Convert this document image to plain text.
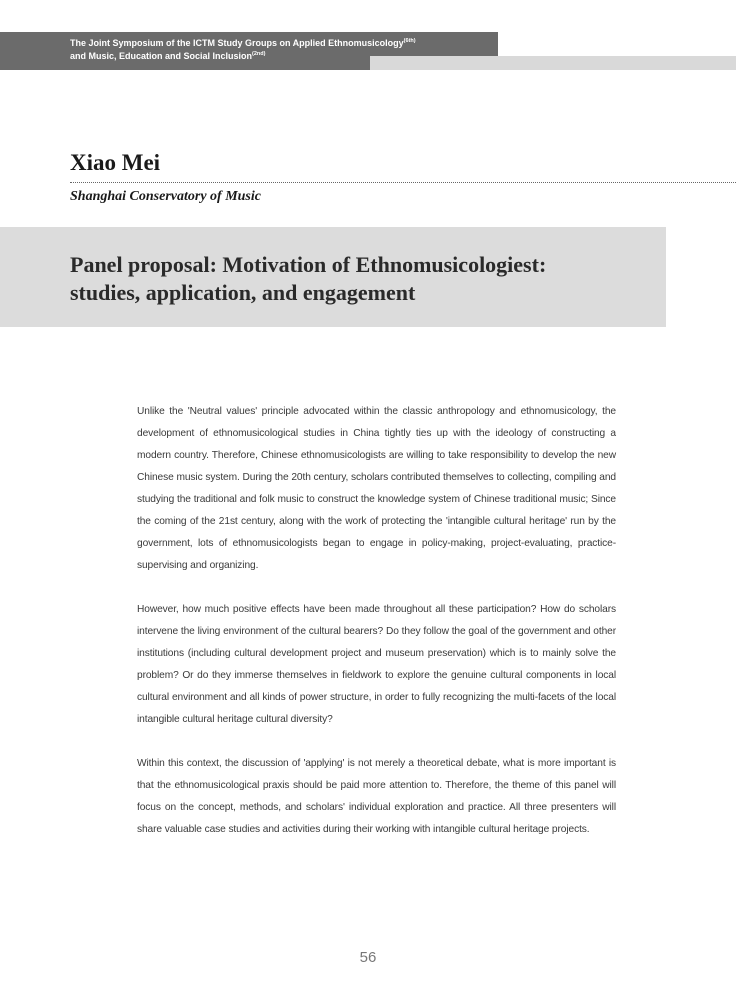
The Joint Symposium of the ICTM Study Groups on Applied Ethnomusicology$^{(6th)}$
and Music, Education and Social Inclusion$^{(2nd)}$
Xiao Mei
Shanghai Conservatory of Music
Panel proposal: Motivation of Ethnomusicologiest:
studies, application, and engagement

Unlike the 'Neutral values' principle advocated within the classic anthropology and ethnomusicology, the development of ethnomusicological studies in China tightly ties up with the ideology of constructing a modern country. Therefore, Chinese ethnomusicologists are willing to take responsibility to develop the new Chinese music system. During the 20th century, scholars contributed themselves to collecting, compiling and studying the traditional and folk music to construct the knowledge system of Chinese traditional music; Since the coming of the 21st century, along with the work of protecting the 'intangible cultural heritage' run by the government, lots of ethnomusicologists began to engage in policy-making, project-evaluating, practice-supervising and organizing.

However, how much positive effects have been made throughout all these participation? How do scholars intervene the living environment of the cultural bearers? Do they follow the goal of the government and other institutions (including cultural development project and museum preservation) which is to mainly solve the problem? Or do they immerse themselves in fieldwork to explore the genuine cultural components in local cultural environment and all kinds of power structure, in order to fully recognizing the multi-facets of the local intangible cultural heritage cultural diversity?

Within this context, the discussion of 'applying' is not merely a theoretical debate, what is more important is that the ethnomusicological praxis should be paid more attention to. Therefore, the theme of this panel will focus on the concept, methods, and scholars' individual exploration and practice. All three presenters will share valuable case studies and activities during their working with intangible cultural heritage projects.

56
